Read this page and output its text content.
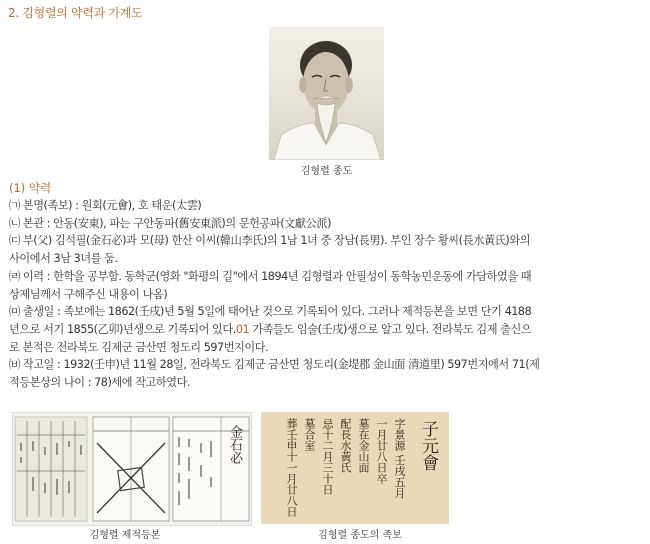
2. 김형렬의 약력과 가계도
김형렬 종도
(1) 약력
㈀ 본명(족보) : 원회(元會), 호 태운(太雲)
㈁ 본관 : 안동(安東), 파는 구안동파(舊安東派)의 문헌공파(文獻公派)
㈂ 부(父) 김석필(金石必)과 모(母) 한산 이씨(韓山李氏)의 1남 1녀 중 장남(長男). 부인 장수 황씨(長水黃氏)와의
사이에서 3남 3녀를 둠.
㈃ 이력 : 한학을 공부함. 동학군(영화 "화평의 길"에서 1894년 김형렬과 안필성이 동학농민운동에 가담하였을 때
상제님께서 구해주신 내용이 나옴)
㈄ 출생일 : 족보에는 1862(壬戌)년 5월 5일에 태어난 것으로 기록되어 있다. 그러나 제적등본을 보면 단기 4188
년으로 서기 1855(乙卯)년생으로 기록되어 있다.01 가족들도 임술(壬戌)생으로 알고 있다. 전라북도 김제 출신으
로 본적은 전라북도 김제군 금산면 청도리 597번지이다.
㈅ 작고일 : 1932(壬申)년 11월 28일, 전라북도 김제군 금산면 청도리(金堤郡 金山面 清道里) 597번지에서 71(제
적등본상의 나이 : 78)세에 작고하였다.
金石必
김형렬 제적등본
子元會
字景源 壬戌五月
一月廿八日卒
墓在金山面
配長水黃氏
忌十二月三十日
墓合室
葬壬申十一月廿八日
김형렬 종도의 족보
